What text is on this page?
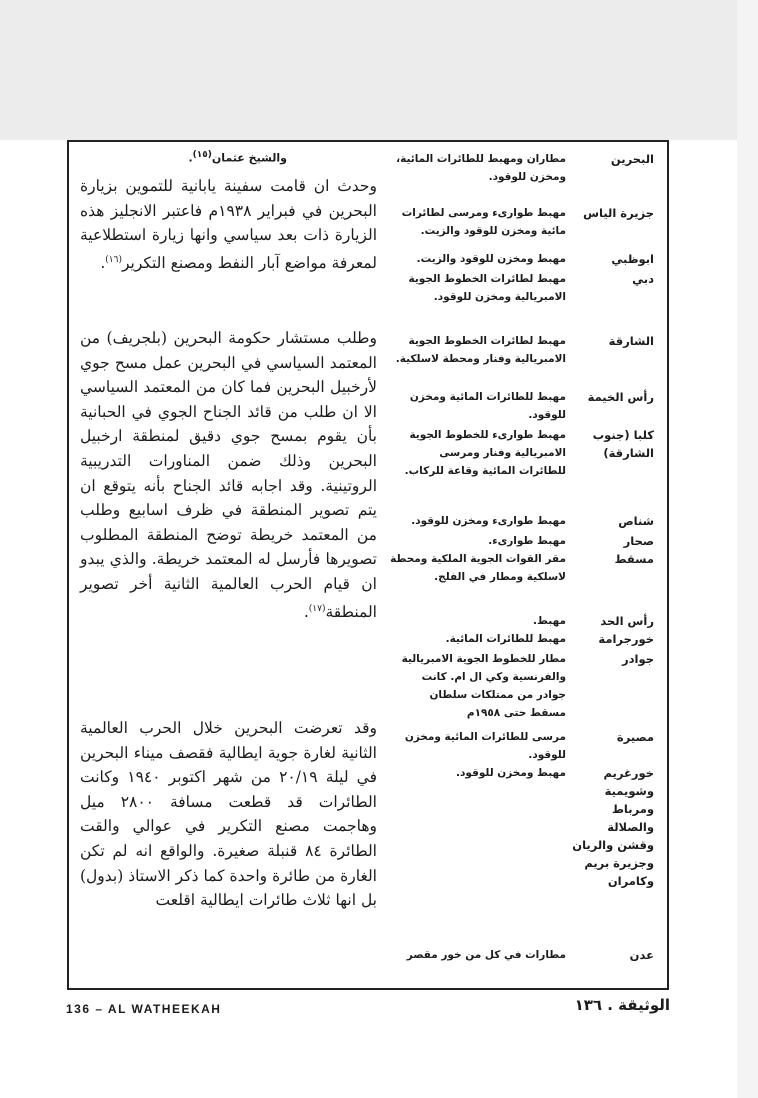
البحرين
مطاران ومهبط للطائرات المائية، ومخزن للوقود.
جزيرة الياس
مهبط طوارىء ومرسى لطائرات مائية ومخزن للوقود والزيت.
ابوظبي
مهبط ومخزن للوقود والزيت.
دبي
مهبط لطائرات الخطوط الجوية الامبريالية ومخزن للوقود.
الشارقة
مهبط لطائرات الخطوط الجوية الامبريالية وفنار ومحطة لاسلكية.
رأس الخيمة
مهبط للطائرات المائية ومخزن للوقود.
كلبا (جنوب الشارقة)
مهبط طوارىء للخطوط الجوية الامبريالية وفنار ومرسى للطائرات المائية وقاعة للركاب.
شناص
مهبط طوارىء ومخزن للوقود.
صحار
مهبط طوارىء.
مسقط
مقر القوات الجوية الملكية ومحطة لاسلكية ومطار في الفلج.
رأس الحد
مهبط.
خورجرامة
مهبط للطائرات المائية.
جوادر
مطار للخطوط الجوية الامبريالية والفرنسية وكي ال ام. كانت جوادر من ممتلكات سلطان مسقط حتى ١٩٥٨م
مصيرة
مرسى للطائرات المائية ومخزن للوقود.
خورغريم وشويمية ومرباط والصلالة وقشن والريان وجزيرة بريم وكامران
مهبط ومخزن للوقود.
عدن
مطارات في كل من خور مقصر
والشيخ عثمان$^{(١٥)}$.

وحدث ان قامت سفينة يابانية للتموين بزيارة البحرين في فبراير ١٩٣٨م فاعتبر الانجليز هذه الزيارة ذات بعد سياسي وانها زيارة استطلاعية لمعرفة مواضع آبار النفط ومصنع التكرير$^{(١٦)}$.

وطلب مستشار حكومة البحرين (بلجريف) من المعتمد السياسي في البحرين عمل مسح جوي لأرخبيل البحرين فما كان من المعتمد السياسي الا ان طلب من قائد الجناح الجوي في الحبانية بأن يقوم بمسح جوي دقيق لمنطقة ارخبيل البحرين وذلك ضمن المناورات التدريبية الروتينية. وقد اجابه قائد الجناح بأنه يتوقع ان يتم تصوير المنطقة في ظرف اسابيع وطلب من المعتمد خريطة توضح المنطقة المطلوب تصويرها فأرسل له المعتمد خريطة. والذي يبدو ان قيام الحرب العالمية الثانية أخر تصوير المنطقة$^{(١٧)}$.

وقد تعرضت البحرين خلال الحرب العالمية الثانية لغارة جوية ايطالية فقصف ميناء البحرين في ليلة ٢٠/١٩ من شهر اكتوبر ١٩٤٠ وكانت الطائرات قد قطعت مسافة ٢٨٠٠ ميل وهاجمت مصنع التكرير في عوالي والقت الطائرة ٨٤ قنبلة صغيرة. والواقع انه لم تكن الغارة من طائرة واحدة كما ذكر الاستاذ (بدول) بل انها ثلاث طائرات ايطالية اقلعت

136 – AL WATHEEKAH	الوثيقة . ١٣٦
